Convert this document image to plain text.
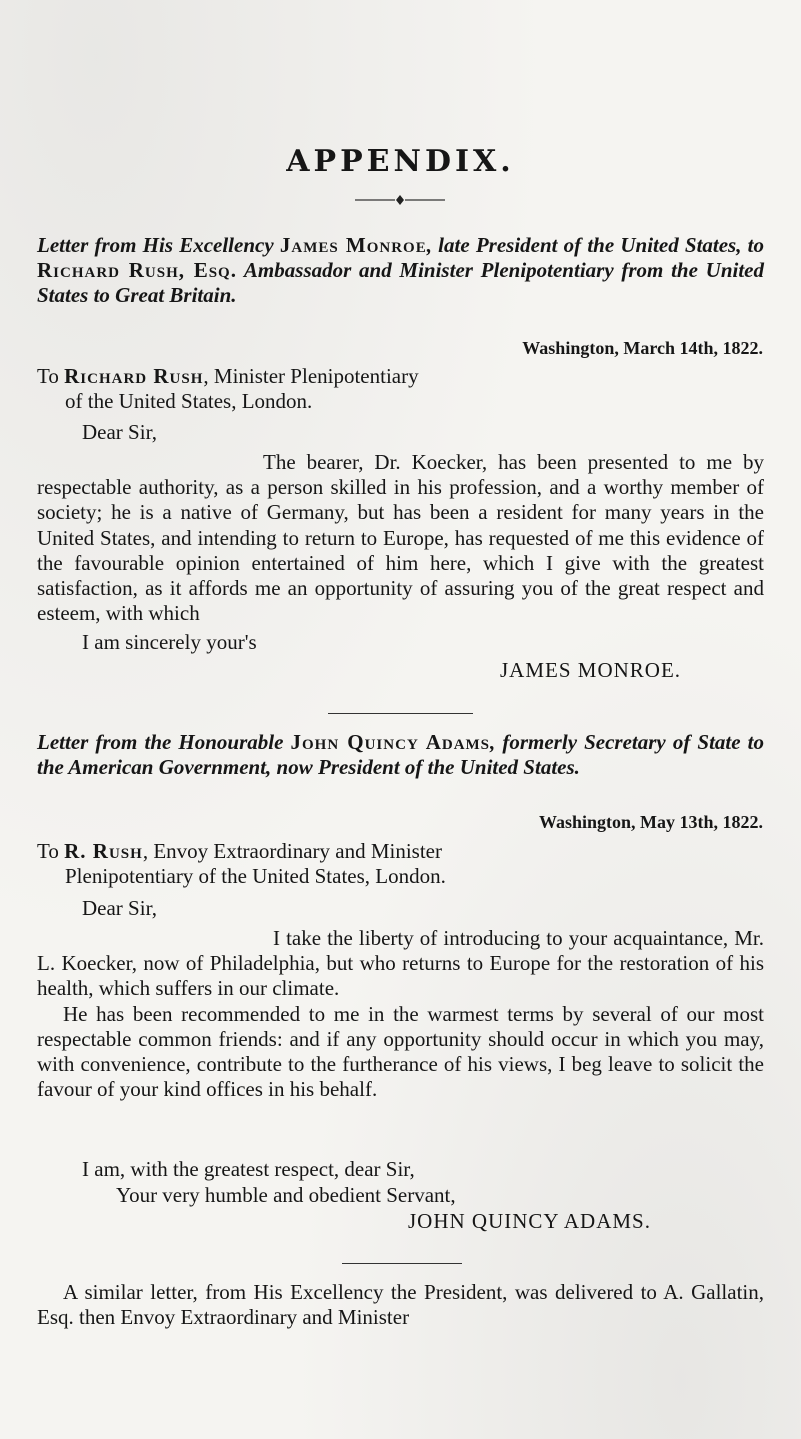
APPENDIX.
Letter from His Excellency James Monroe, late President of the United States, to Richard Rush, Esq. Ambassador and Minister Plenipotentiary from the United States to Great Britain.
Washington, March 14th, 1822.
To Richard Rush, Minister Plenipotentiary
of the United States, London.
Dear Sir,
The bearer, Dr. Koecker, has been presented to me by respectable authority, as a person skilled in his profession, and a worthy member of society; he is a native of Germany, but has been a resident for many years in the United States, and intending to return to Europe, has requested of me this evidence of the favourable opinion entertained of him here, which I give with the greatest satisfaction, as it affords me an opportunity of assuring you of the great respect and esteem, with which
I am sincerely your's
JAMES MONROE.
Letter from the Honourable John Quincy Adams, formerly Secretary of State to the American Government, now President of the United States.
Washington, May 13th, 1822.
To R. Rush, Envoy Extraordinary and Minister
Plenipotentiary of the United States, London.
Dear Sir,
I take the liberty of introducing to your acquaintance, Mr. L. Koecker, now of Philadelphia, but who returns to Europe for the restoration of his health, which suffers in our climate.
He has been recommended to me in the warmest terms by several of our most respectable common friends: and if any opportunity should occur in which you may, with convenience, contribute to the furtherance of his views, I beg leave to solicit the favour of your kind offices in his behalf.
I am, with the greatest respect, dear Sir,
Your very humble and obedient Servant,
JOHN QUINCY ADAMS.
A similar letter, from His Excellency the President, was delivered to A. Gallatin, Esq. then Envoy Extraordinary and Minister
